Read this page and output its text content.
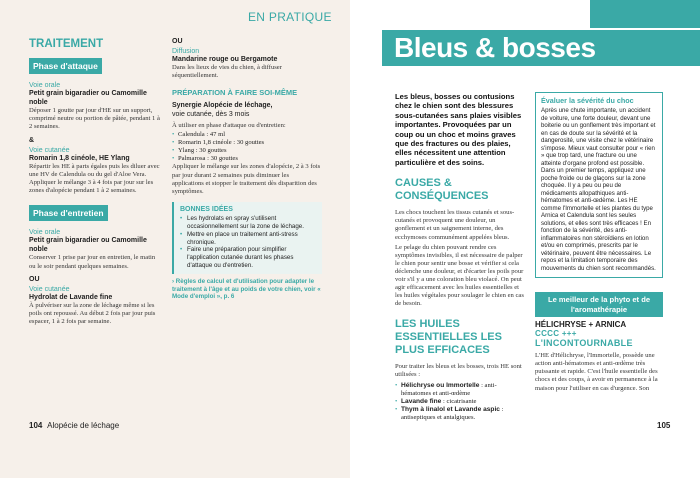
EN PRATIQUE
TRAITEMENT
Phase d'attaque
Voie orale
Petit grain bigaradier ou Camomille noble
Déposer 1 goutte par jour d'HE sur un support, comprimé neutre ou portion de pâtée, pendant 1 à 2 semaines.
&
Voie cutanée
Romarin 1,8 cinéole, HE Ylang
Répartir les HE à parts égales puis les diluer avec une HV de Calendula ou du gel d'Aloe Vera. Appliquer le mélange 3 à 4 fois par jour sur les zones d'alopécie pendant 1 à 2 semaines.
Phase d'entretien
Voie orale
Petit grain bigaradier ou Camomille noble
Conserver 1 prise par jour en entretien, le matin ou le soir pendant quelques semaines.
OU
Voie cutanée
Hydrolat de Lavande fine
À pulvériser sur la zone de léchage même si les poils ont repoussé. Au début 2 fois par jour puis espacer, 1 à 2 fois par semaine.
OU
Diffusion
Mandarine rouge ou Bergamote
Dans les lieux de vies du chien, à diffuser séquentiellement.
PRÉPARATION À FAIRE SOI-MÊME
Synergie Alopécie de léchage,
voie cutanée, dès 3 mois
À utiliser en phase d'attaque ou d'entretien:
• Calendula : 47 ml
• Romarin 1,8 cinéole : 30 gouttes
• Ylang : 30 gouttes
• Palmarosa : 30 gouttes
Appliquer le mélange sur les zones d'alopécie, 2 à 3 fois par jour durant 2 semaines puis diminuer les applications et stopper le traitement dès disparition des symptômes.
BONNES IDÉES
• Les hydrolats en spray s'utilisent occasionnellement sur la zone de léchage.
• Mettre en place un traitement anti-stress chronique.
• Faire une préparation pour simplifier l'application cutanée durant les phases d'attaque ou d'entretien.
› Règles de calcul et d'utilisation pour adapter le traitement à l'âge et au poids de votre chien, voir « Mode d'emploi », p. 6
104 Alopécie de léchage
Bleus & bosses
Les bleus, bosses ou contusions chez le chien sont des blessures sous-cutanées sans plaies visibles importantes. Provoquées par un coup ou un choc et moins graves que des fractures ou des plaies, elles nécessitent une attention particulière et des soins.
CAUSES & CONSÉQUENCES
Les chocs touchent les tissus cutanés et sous-cutanés et provoquent une douleur, un gonflement et un saignement interne, des ecchymoses communément appelées bleus.
Le pelage du chien pouvant rendre ces symptômes invisibles, il est nécessaire de palper le chien pour sentir une bosse et vérifier si cela déclenche une douleur, et d'écarter les poils pour voir s'il y a une coloration bleu violacé. On peut agir efficacement avec les huiles essentielles et les huiles végétales pour soulager le chien en cas de besoin.
LES HUILES ESSENTIELLES LES PLUS EFFICACES
Pour traiter les bleus et les bosses, trois HE sont utilisées :
• Hélichryse ou Immortelle : anti-hématomes et anti-œdème
• Lavande fine : cicatrisante
• Thym à linalol et Lavande aspic : antiseptiques et antalgiques.
Évaluer la sévérité du choc
Après une chute importante, un accident de voiture, une forte douleur, devant une boiterie ou un gonflement très important et en cas de doute sur la sévérité et la dangerosité, une visite chez le vétérinaire s'impose. Mieux vaut consulter pour « rien » que trop tard, une fracture ou une atteinte d'organe profond est possible. Dans un premier temps, appliquez une poche froide ou de glaçons sur la zone choquée. Il y a peu ou peu de médicaments allopathiques anti-hématomes et anti-œdème. Les HE comme l'Immortelle et les plantes du type Arnica et Calendula sont les seules solutions, et elles sont très efficaces ! En fonction de la sévérité, des anti-inflammatoires non stéroïdiens en lotion et/ou en comprimés, prescrits par le vétérinaire, peuvent être nécessaires. Le repos et la limitation temporaire des mouvements du chien sont recommandés.
Le meilleur de la phyto et de l'aromathérapie
HÉLICHRYSE + ARNICA
CCCC +++
L'INCONTOURNABLE
L'HE d'Hélichryse, l'Immortelle, possède une action anti-hématomes et anti-œdème très puissante et rapide. C'est l'huile essentielle des chocs et des coups, à avoir en permanence à la maison pour l'utiliser en cas d'urgence. Son
105
